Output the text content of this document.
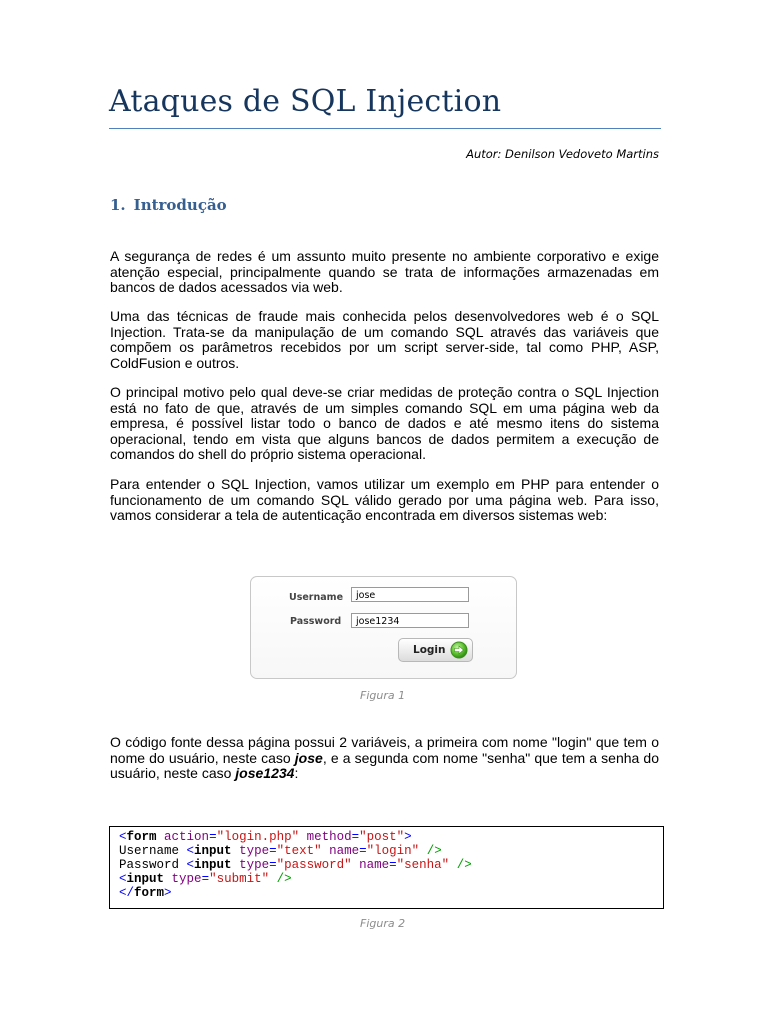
Ataques de SQL Injection
Autor: Denilson Vedoveto Martins
1. Introdução

A segurança de redes é um assunto muito presente no ambiente corporativo e exige atenção especial, principalmente quando se trata de informações armazenadas em bancos de dados acessados via web.

Uma das técnicas de fraude mais conhecida pelos desenvolvedores web é o SQL Injection. Trata-se da manipulação de um comando SQL através das variáveis que compõem os parâmetros recebidos por um script server-side, tal como PHP, ASP, ColdFusion e outros.

O principal motivo pelo qual deve-se criar medidas de proteção contra o SQL Injection está no fato de que, através de um simples comando SQL em uma página web da empresa, é possível listar todo o banco de dados e até mesmo itens do sistema operacional, tendo em vista que alguns bancos de dados permitem a execução de comandos do shell do próprio sistema operacional.

Para entender o SQL Injection, vamos utilizar um exemplo em PHP para entender o funcionamento de um comando SQL válido gerado por uma página web. Para isso, vamos considerar a tela de autenticação encontrada em diversos sistemas web:

Username	jose
Password	jose1234
Login
Figura 1

O código fonte dessa página possui 2 variáveis, a primeira com nome "login" que tem o nome do usuário, neste caso jose, e a segunda com nome "senha" que tem a senha do usuário, neste caso jose1234:

<form action="login.php" method="post">
Username <input type="text" name="login" />
Password <input type="password" name="senha" />
<input type="submit" />
</form>
Figura 2
